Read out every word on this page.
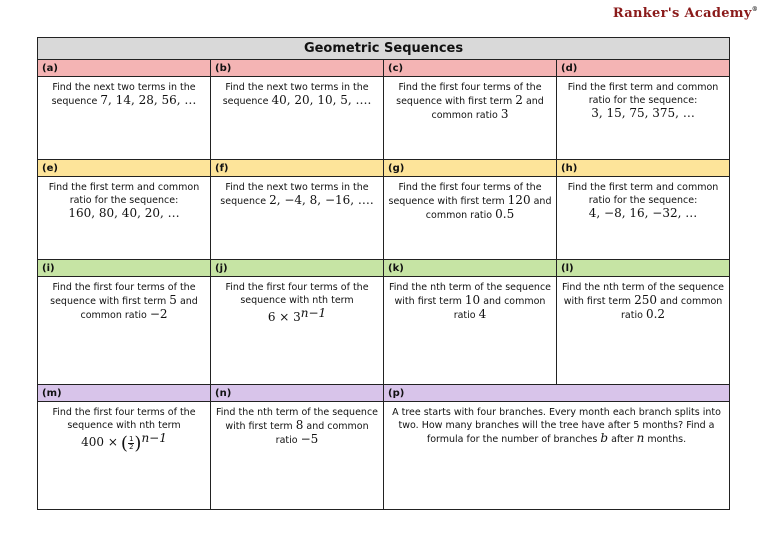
Ranker's Academy®
Geometric Sequences			
(a)	(b)	(c)	(d)
Find the next two terms in the sequence 7, 14, 28, 56, …	Find the next two terms in the sequence 40, 20, 10, 5, ….	Find the first four terms of the sequence with first term 2 and common ratio 3	Find the first term and common ratio for the sequence:
3, 15, 75, 375, …
(e)	(f)	(g)	(h)
Find the first term and common ratio for the sequence:
160, 80, 40, 20, …	Find the next two terms in the sequence 2, −4, 8, −16, ….	Find the first four terms of the sequence with first term 120 and common ratio 0.5	Find the first term and common ratio for the sequence:
4, −8, 16, −32, …
(i)	(j)	(k)	(l)
Find the first four terms of the sequence with first term 5 and common ratio −2	Find the first four terms of the sequence with nth term
$6 \times 3^{n-1}$	Find the nth term of the sequence with first term 10 and common ratio 4	Find the nth term of the sequence with first term 250 and common ratio 0.2
(m)	(n)	(p)	
Find the first four terms of the sequence with nth term
400 × ( $\frac{1}{2} )^{n-1}$	Find the nth term of the sequence with first term 8 and common ratio −5	A tree starts with four branches. Every month each branch splits into two. How many branches will the tree have after 5 months? Find a formula for the number of branches b after n months.	
